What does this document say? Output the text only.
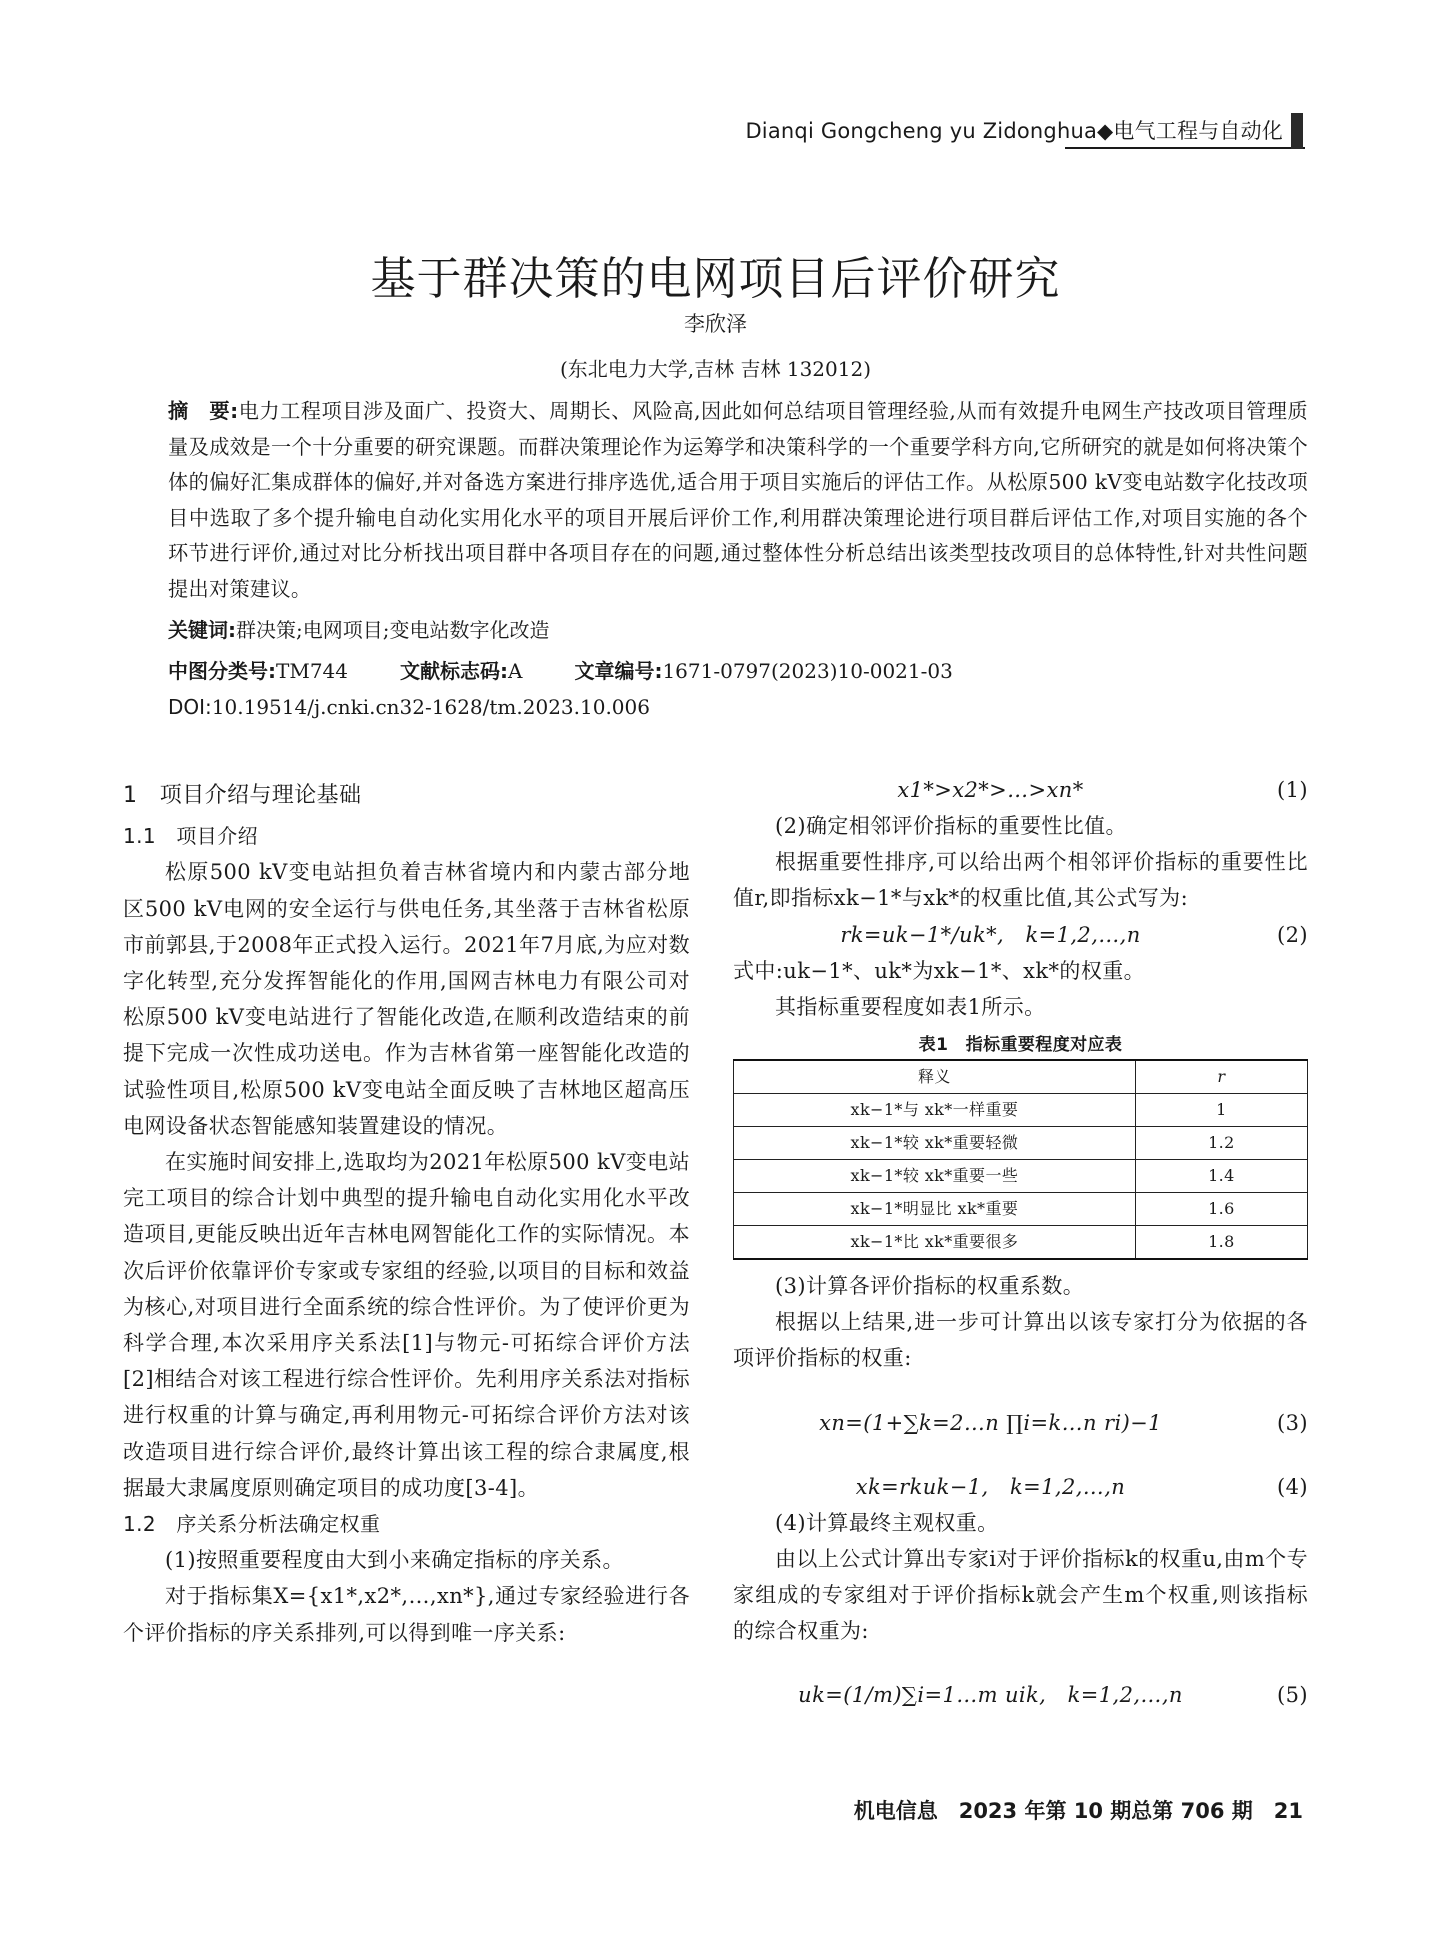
Dianqi Gongcheng yu Zidonghua◆电气工程与自动化
基于群决策的电网项目后评价研究
李欣泽
(东北电力大学,吉林 吉林 132012)
摘　要:电力工程项目涉及面广、投资大、周期长、风险高,因此如何总结项目管理经验,从而有效提升电网生产技改项目管理质量及成效是一个十分重要的研究课题。而群决策理论作为运筹学和决策科学的一个重要学科方向,它所研究的就是如何将决策个体的偏好汇集成群体的偏好,并对备选方案进行排序选优,适合用于项目实施后的评估工作。从松原500 kV变电站数字化技改项目中选取了多个提升输电自动化实用化水平的项目开展后评价工作,利用群决策理论进行项目群后评估工作,对项目实施的各个环节进行评价,通过对比分析找出项目群中各项目存在的问题,通过整体性分析总结出该类型技改项目的总体特性,针对共性问题提出对策建议。
关键词:群决策;电网项目;变电站数字化改造
中图分类号:TM744	文献标志码:A	文章编号:1671-0797(2023)10-0021-03
DOI:10.19514/j.cnki.cn32-1628/tm.2023.10.006
1　项目介绍与理论基础
1.1　项目介绍

松原500 kV变电站担负着吉林省境内和内蒙古部分地区500 kV电网的安全运行与供电任务,其坐落于吉林省松原市前郭县,于2008年正式投入运行。2021年7月底,为应对数字化转型,充分发挥智能化的作用,国网吉林电力有限公司对松原500 kV变电站进行了智能化改造,在顺利改造结束的前提下完成一次性成功送电。作为吉林省第一座智能化改造的试验性项目,松原500 kV变电站全面反映了吉林地区超高压电网设备状态智能感知装置建设的情况。

在实施时间安排上,选取均为2021年松原500 kV变电站完工项目的综合计划中典型的提升输电自动化实用化水平改造项目,更能反映出近年吉林电网智能化工作的实际情况。本次后评价依靠评价专家或专家组的经验,以项目的目标和效益为核心,对项目进行全面系统的综合性评价。为了使评价更为科学合理,本次采用序关系法[1]与物元-可拓综合评价方法[2]相结合对该工程进行综合性评价。先利用序关系法对指标进行权重的计算与确定,再利用物元-可拓综合评价方法对该改造项目进行综合评价,最终计算出该工程的综合隶属度,根据最大隶属度原则确定项目的成功度[3-4]。

1.2　序关系分析法确定权重

(1)按照重要程度由大到小来确定指标的序关系。

对于指标集X={x1*,x2*,…,xn*},通过专家经验进行各个评价指标的序关系排列,可以得到唯一序关系:

x1*>x2*>…>xn*	(1)

(2)确定相邻评价指标的重要性比值。

根据重要性排序,可以给出两个相邻评价指标的重要性比值r,即指标xk−1*与xk*的权重比值,其公式写为:

rk=uk−1*/uk*,　k=1,2,…,n	(2)

式中:uk−1*、uk*为xk−1*、xk*的权重。

其指标重要程度如表1所示。

表1　指标重要程度对应表
释义	r
xk−1*与 xk*一样重要	1
xk−1*较 xk*重要轻微	1.2
xk−1*较 xk*重要一些	1.4
xk−1*明显比 xk*重要	1.6
xk−1*比 xk*重要很多	1.8

(3)计算各评价指标的权重系数。

根据以上结果,进一步可计算出以该专家打分为依据的各项评价指标的权重:

xn=(1+∑k=2…n ∏i=k…n ri)−1	(3)
xk=rkuk−1,　k=1,2,…,n	(4)

(4)计算最终主观权重。

由以上公式计算出专家i对于评价指标k的权重u,由m个专家组成的专家组对于评价指标k就会产生m个权重,则该指标的综合权重为:

uk=(1/m)∑i=1…m uik,　k=1,2,…,n	(5)
机电信息　2023 年第 10 期总第 706 期　21
